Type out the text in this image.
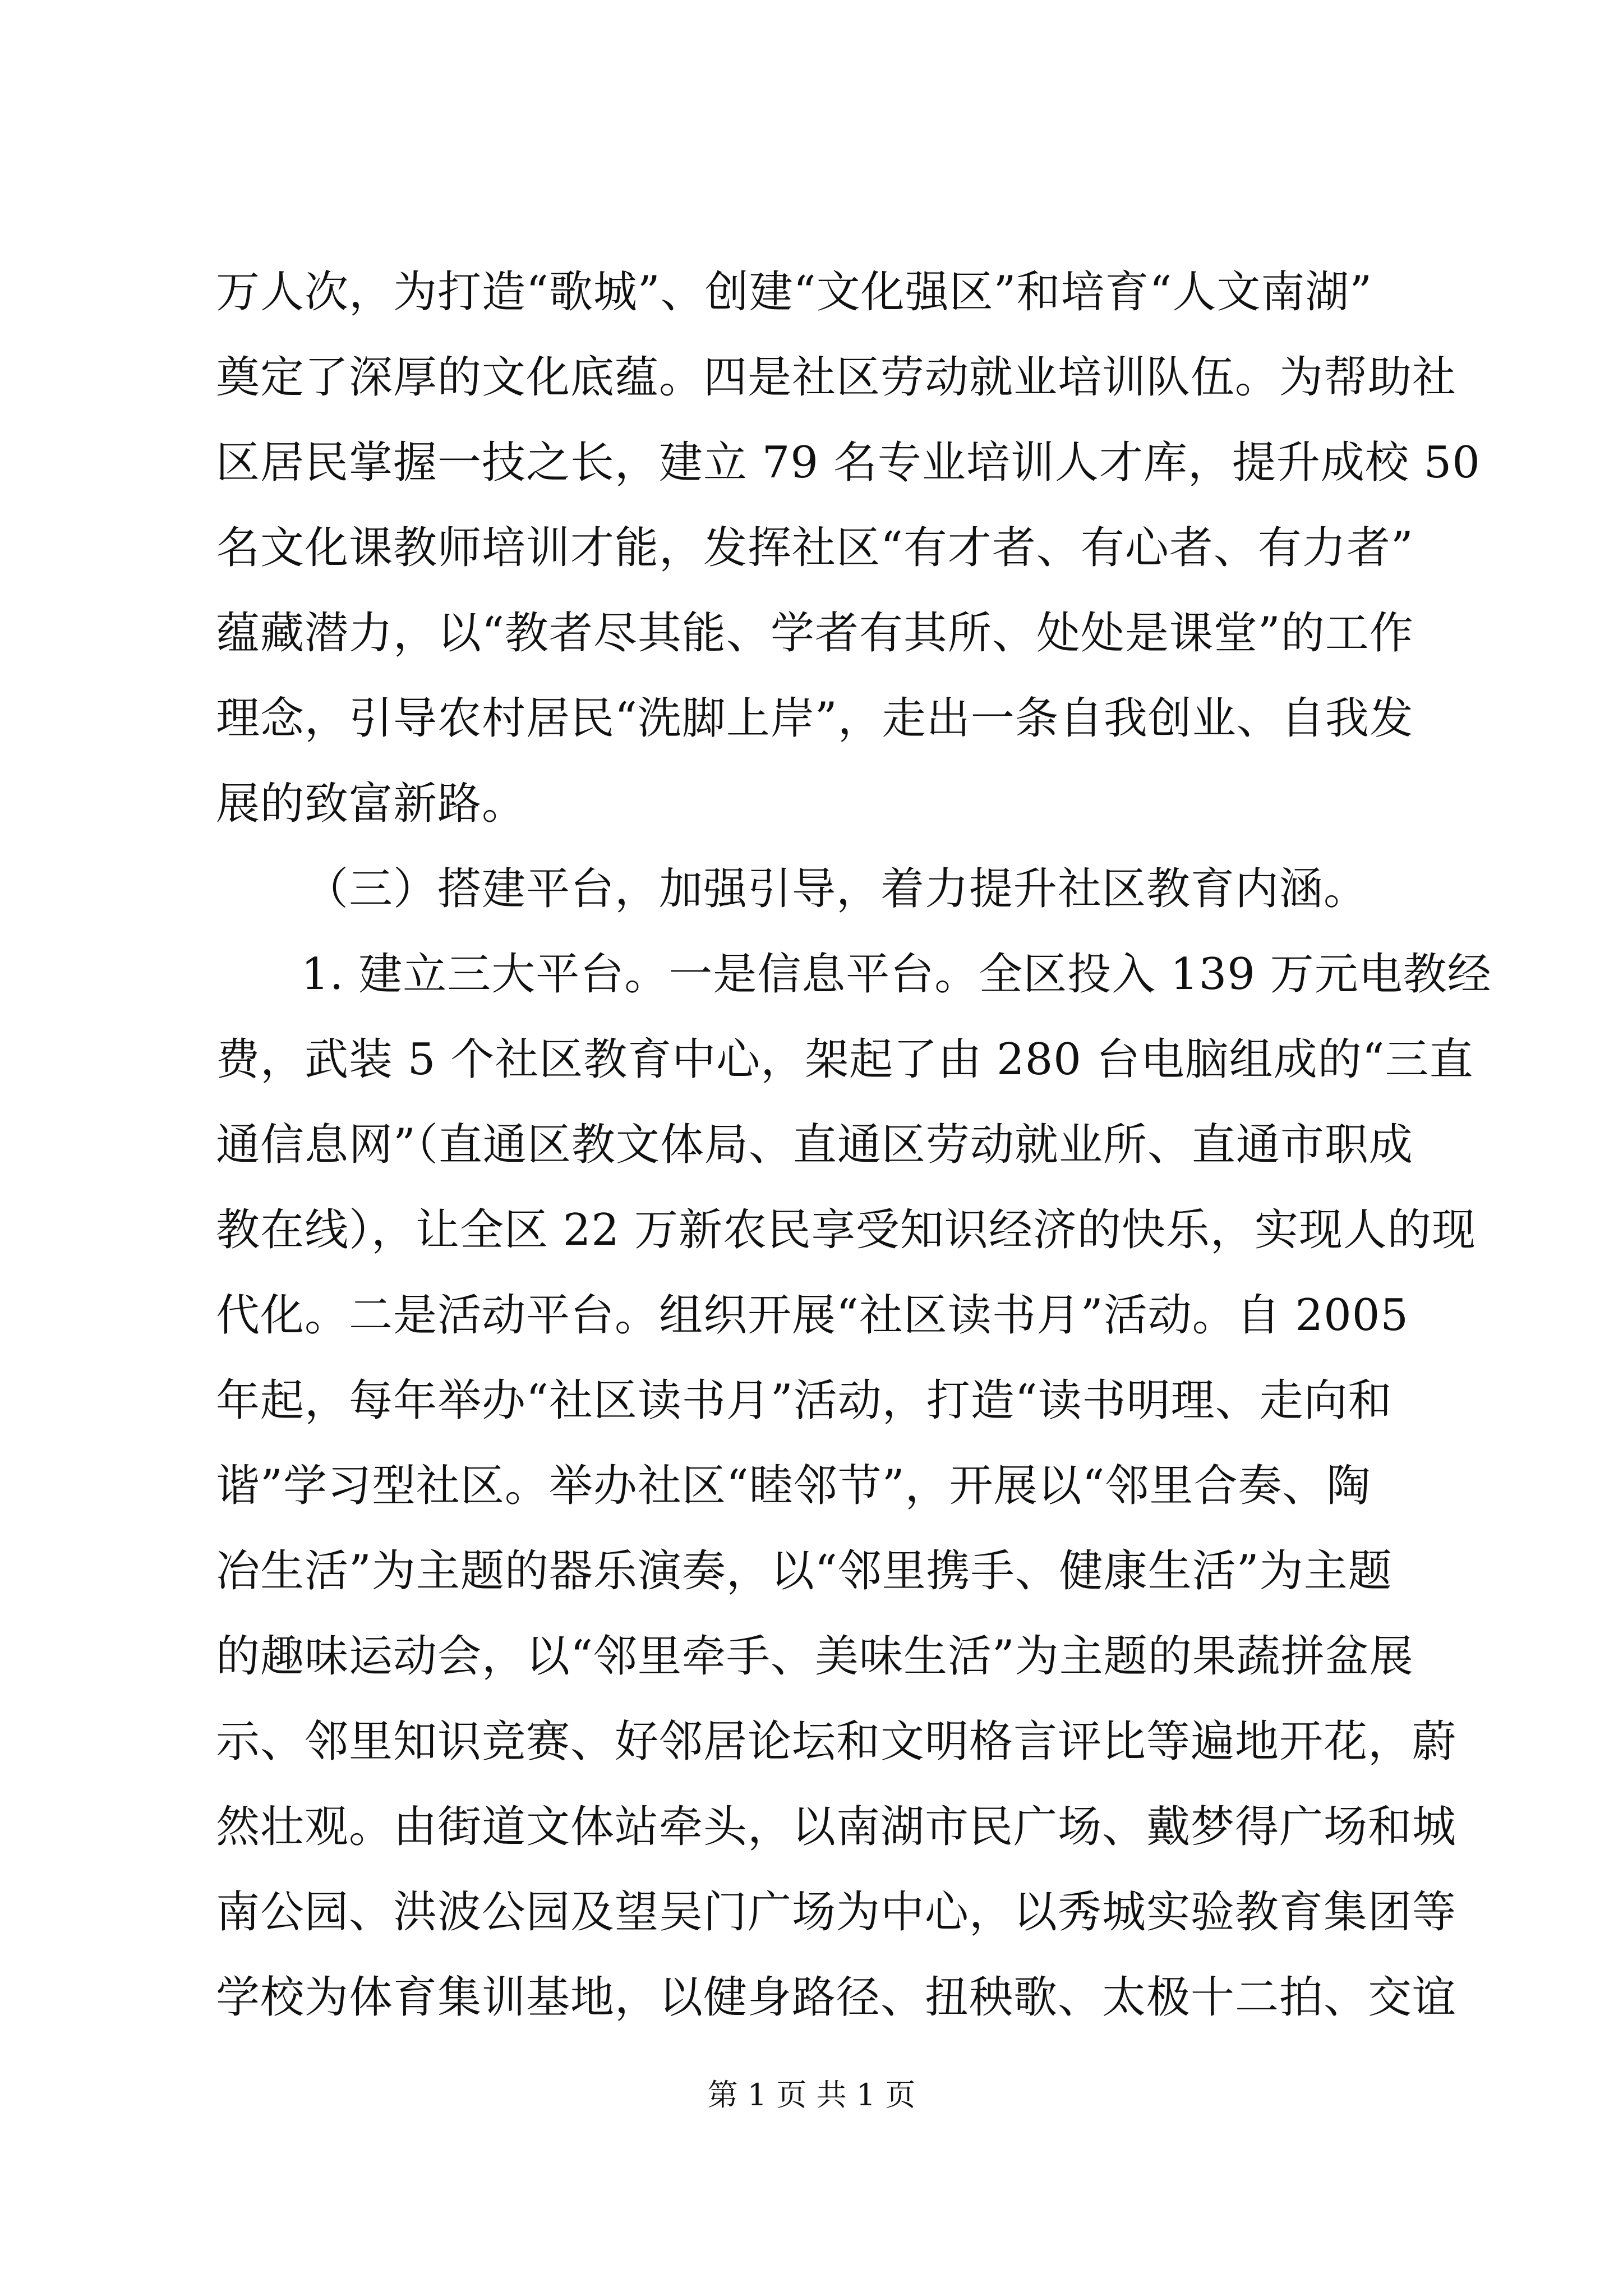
万人次，为打造“歌城”、创建“文化强区”和培育“人文南湖”
奠定了深厚的文化底蕴。四是社区劳动就业培训队伍。为帮助社
区居民掌握一技之长，建立 79 名专业培训人才库，提升成校 50
名文化课教师培训才能，发挥社区“有才者、有心者、有力者”
蕴藏潜力，以“教者尽其能、学者有其所、处处是课堂”的工作
理念，引导农村居民“洗脚上岸”，走出一条自我创业、自我发
展的致富新路。
（三）搭建平台，加强引导，着力提升社区教育内涵。
1. 建立三大平台。一是信息平台。全区投入 139 万元电教经
费，武装 5 个社区教育中心，架起了由 280 台电脑组成的“三直
通信息网”（直通区教文体局、直通区劳动就业所、直通市职成
教在线），让全区 22 万新农民享受知识经济的快乐，实现人的现
代化。二是活动平台。组织开展“社区读书月”活动。自 2005
年起，每年举办“社区读书月”活动，打造“读书明理、走向和
谐”学习型社区。举办社区“睦邻节”，开展以“邻里合奏、陶
冶生活”为主题的器乐演奏，以“邻里携手、健康生活”为主题
的趣味运动会，以“邻里牵手、美味生活”为主题的果蔬拼盆展
示、邻里知识竞赛、好邻居论坛和文明格言评比等遍地开花，蔚
然壮观。由街道文体站牵头，以南湖市民广场、戴梦得广场和城
南公园、洪波公园及望吴门广场为中心，以秀城实验教育集团等
学校为体育集训基地，以健身路径、扭秧歌、太极十二拍、交谊
第 1 页 共 1 页
